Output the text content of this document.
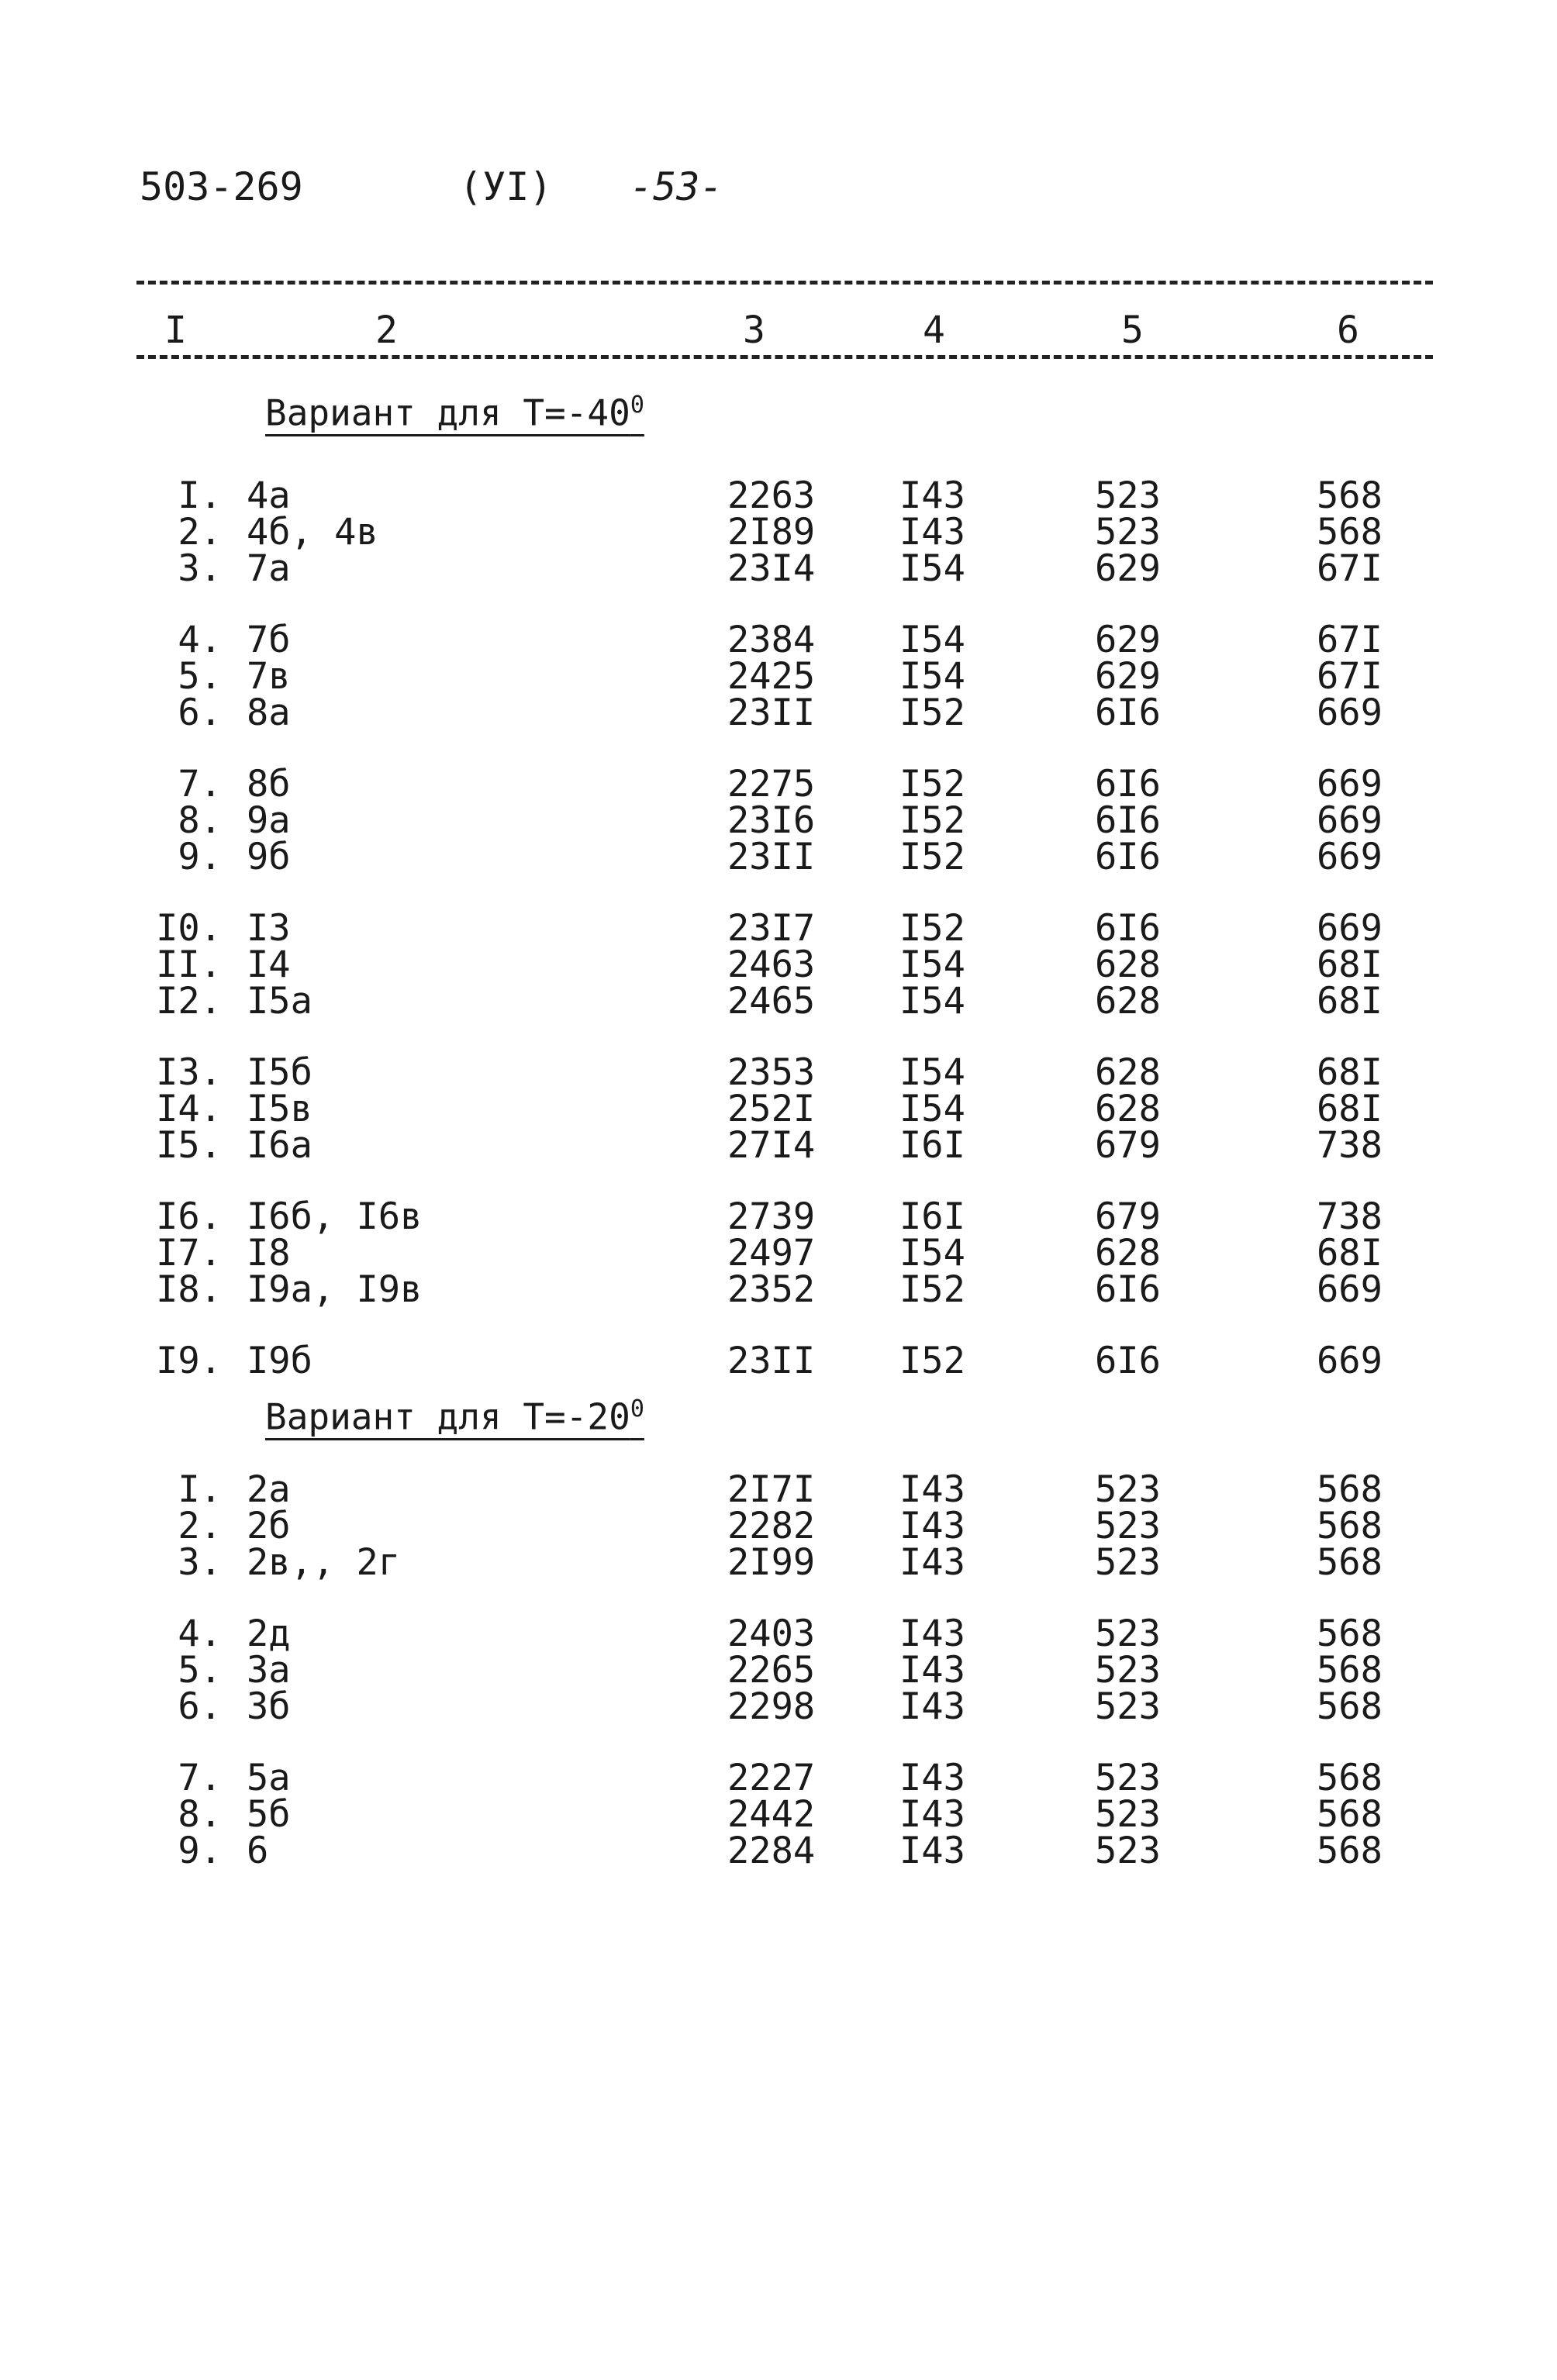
503-269	(УI) -53-
I	2	3	4	5	6
Вариант для $Т=-40^0$
I. 4а	2263 I43	523	568
2. 4б, 4в	2I89 I43	523	568
3. 7а	23I4 I54	629	67I
4. 7б	2384 I54	629	67I
5. 7в	2425 I54	629	67I
6. 8а	23II I52	6I6	669
7. 8б	2275 I52	6I6	669
8. 9а	23I6 I52	6I6	669
9. 9б	23II I52	6I6	669
I0. I3	23I7 I52	6I6	669
II. I4	2463 I54	628	68I
I2. I5а	2465 I54	628	68I
I3. I5б	2353 I54	628	68I
I4. I5в	252I I54	628	68I
I5. I6а	27I4 I6I	679	738
I6. I6б, I6в	2739 I6I	679	738
I7. I8	2497 I54	628	68I
I8. I9а, I9в	2352 I52	6I6	669
I9. I9б	23II I52	6I6	669
Вариант для $Т=-20^0$
I. 2а	2I7I I43	523	568
2. 2б	2282 I43	523	568
3. 2в,, 2г	2I99 I43	523	568
4. 2д	2403 I43	523	568
5. 3а	2265 I43	523	568
6. 3б	2298 I43	523	568
7. 5а	2227 I43	523	568
8. 5б	2442 I43	523	568
9. 6	2284 I43	523	568
